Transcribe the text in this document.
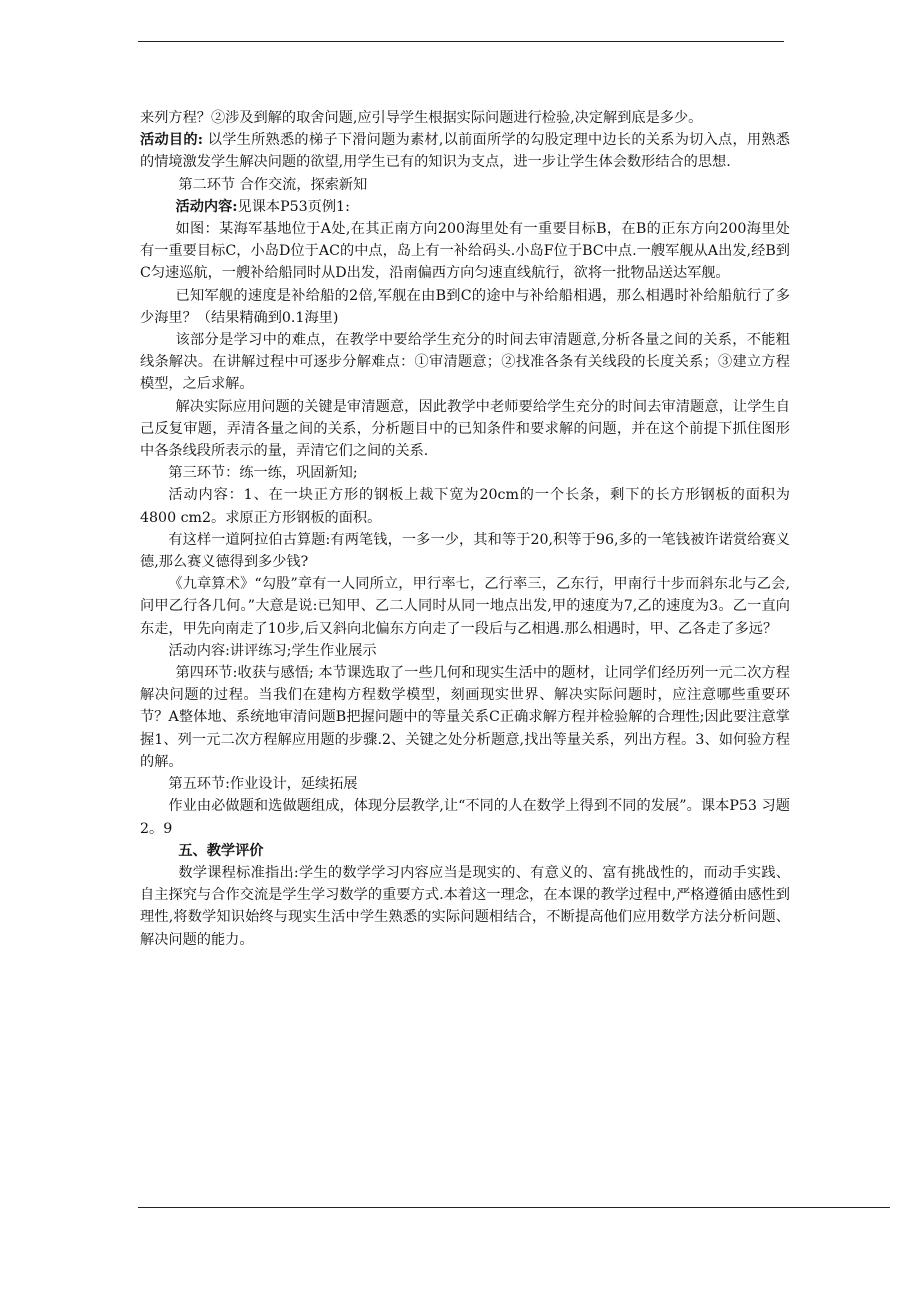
来列方程？②涉及到解的取舍问题,应引导学生根据实际问题进行检验,决定解到底是多少。

活动目的: 以学生所熟悉的梯子下滑问题为素材,以前面所学的勾股定理中边长的关系为切入点，用熟悉的情境激发学生解决问题的欲望,用学生已有的知识为支点，进一步让学生体会数形结合的思想.

第二环节 合作交流，探索新知

活动内容:见课本P53页例1:

如图：某海军基地位于A处,在其正南方向200海里处有一重要目标B，在B的正东方向200海里处有一重要目标C，小岛D位于AC的中点，岛上有一补给码头.小岛F位于BC中点.一艘军舰从A出发,经B到C匀速巡航，一艘补给船同时从D出发，沿南偏西方向匀速直线航行，欲将一批物品送达军舰。

已知军舰的速度是补给船的2倍,军舰在由B到C的途中与补给船相遇，那么相遇时补给船航行了多少海里？（结果精确到0.1海里)

该部分是学习中的难点，在教学中要给学生充分的时间去审清题意,分析各量之间的关系，不能粗线条解决。在讲解过程中可逐步分解难点：①审清题意；②找准各条有关线段的长度关系；③建立方程模型，之后求解。

解决实际应用问题的关键是审清题意，因此教学中老师要给学生充分的时间去审清题意，让学生自己反复审题，弄清各量之间的关系，分析题目中的已知条件和要求解的问题，并在这个前提下抓住图形中各条线段所表示的量，弄清它们之间的关系.

第三环节：练一练，巩固新知;

活动内容：1、在一块正方形的钢板上裁下宽为20cm的一个长条，剩下的长方形钢板的面积为4800 cm2。求原正方形钢板的面积。

有这样一道阿拉伯古算题:有两笔钱，一多一少，其和等于20,积等于96,多的一笔钱被许诺赏给赛义德,那么赛义德得到多少钱?

《九章算术》“勾股”章有一人同所立，甲行率七，乙行率三，乙东行，甲南行十步而斜东北与乙会,问甲乙行各几何。”大意是说:已知甲、乙二人同时从同一地点出发,甲的速度为7,乙的速度为3。乙一直向东走，甲先向南走了10步,后又斜向北偏东方向走了一段后与乙相遇.那么相遇时，甲、乙各走了多远？

活动内容:讲评练习;学生作业展示

第四环节:收获与感悟; 本节课选取了一些几何和现实生活中的题材，让同学们经历列一元二次方程解决问题的过程。当我们在建构方程数学模型，刻画现实世界、解决实际问题时，应注意哪些重要环节？A整体地、系统地审清问题B把握问题中的等量关系C正确求解方程并检验解的合理性;因此要注意掌握1、列一元二次方程解应用题的步骤.2、关键之处分析题意,找出等量关系，列出方程。3、如何验方程的解。

第五环节:作业设计，延续拓展

作业由必做题和选做题组成，体现分层教学,让“不同的人在数学上得到不同的发展”。课本P53 习题2。9

五、教学评价

数学课程标准指出:学生的数学学习内容应当是现实的、有意义的、富有挑战性的，而动手实践、自主探究与合作交流是学生学习数学的重要方式.本着这一理念，在本课的教学过程中,严格遵循由感性到理性,将数学知识始终与现实生活中学生熟悉的实际问题相结合，不断提高他们应用数学方法分析问题、解决问题的能力。
